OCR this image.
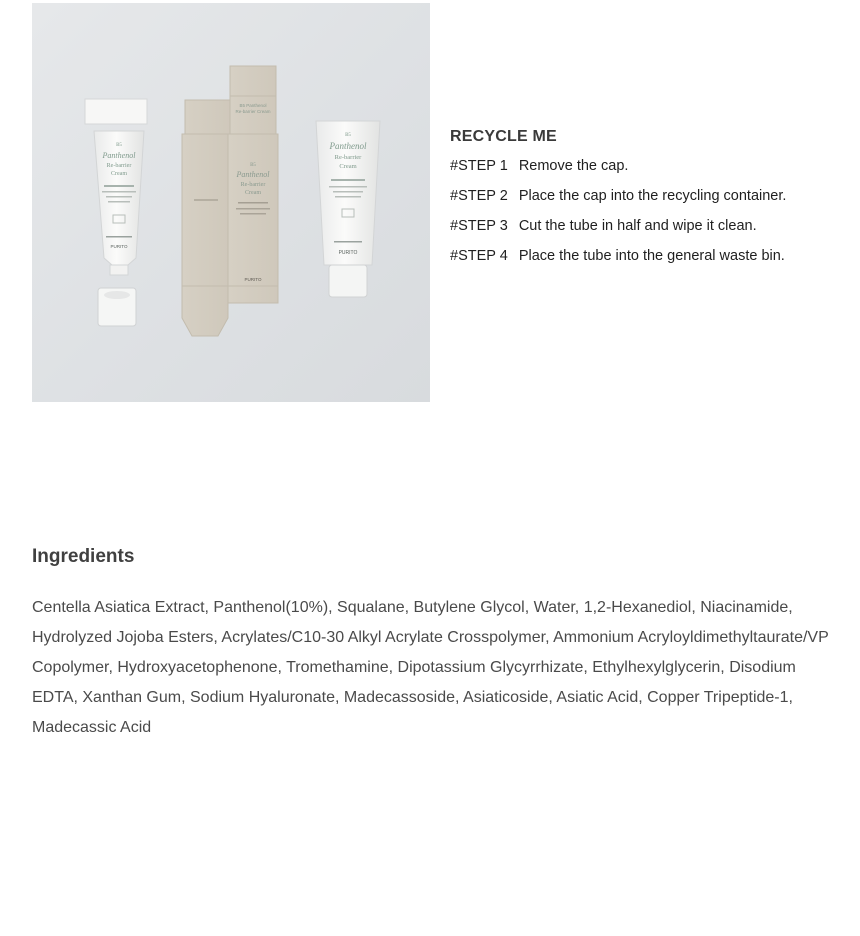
B5
Panthenol
Re-barrier
Cream
PURITO
B5 Panthenol
Re-barrier Cream
B5
Panthenol
Re-barrier
Cream
PURITO
B5
Panthenol
Re-barrier
Cream
PURITO
RECYCLE ME
#STEP 1 Remove the cap.
#STEP 2 Place the cap into the recycling container.
#STEP 3 Cut the tube in half and wipe it clean.
#STEP 4 Place the tube into the general waste bin.
Ingredients

Centella Asiatica Extract, Panthenol(10%), Squalane, Butylene Glycol, Water, 1,2-Hexanediol, Niacinamide, Hydrolyzed Jojoba Esters, Acrylates/C10-30 Alkyl Acrylate Crosspolymer, Ammonium Acryloyldimethyltaurate/VP Copolymer, Hydroxyacetophenone, Tromethamine, Dipotassium Glycyrrhizate, Ethylhexylglycerin, Disodium EDTA, Xanthan Gum, Sodium Hyaluronate, Madecassoside, Asiaticoside, Asiatic Acid, Copper Tripeptide-1, Madecassic Acid
